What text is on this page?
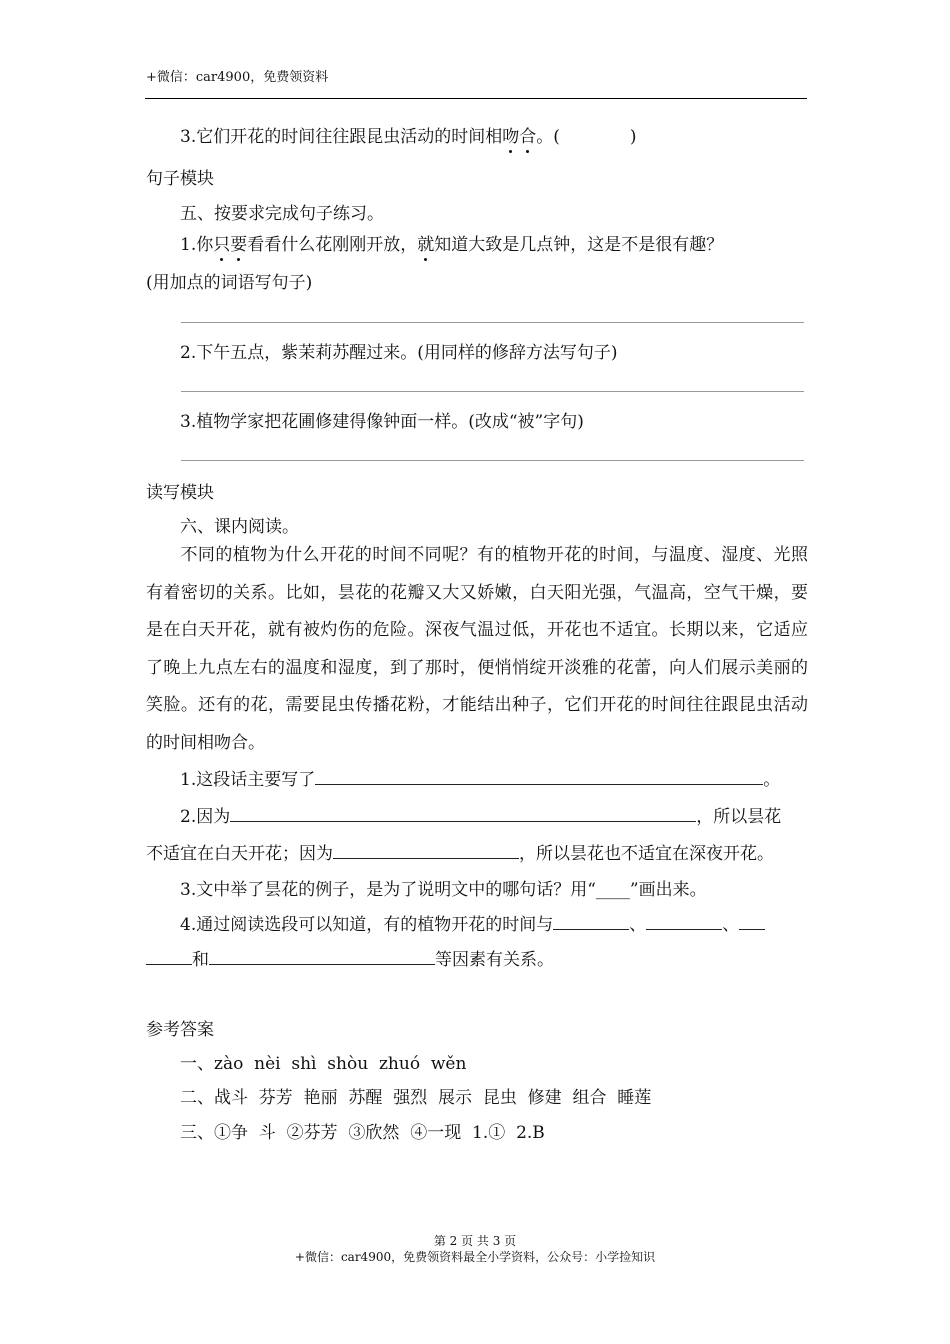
+微信：car4900，免费领资料
3.它们开花的时间往往跟昆虫活动的时间相吻合。(	)
句子模块
五、按要求完成句子练习。
1.你只要看看什么花刚刚开放，就知道大致是几点钟，这是不是很有趣？
(用加点的词语写句子)
2.下午五点，紫茉莉苏醒过来。(用同样的修辞方法写句子)
3.植物学家把花圃修建得像钟面一样。(改成“被”字句)
读写模块
六、课内阅读。
不同的植物为什么开花的时间不同呢？有的植物开花的时间，与温度、湿度、光照有着密切的关系。比如，昙花的花瓣又大又娇嫩，白天阳光强，气温高，空气干燥，要是在白天开花，就有被灼伤的危险。深夜气温过低，开花也不适宜。长期以来，它适应了晚上九点左右的温度和湿度，到了那时，便悄悄绽开淡雅的花蕾，向人们展示美丽的笑脸。还有的花，需要昆虫传播花粉，才能结出种子，它们开花的时间往往跟昆虫活动的时间相吻合。
1.这段话主要写了	。
2.因为	，所以昙花
不适宜在白天开花；因为	，所以昙花也不适宜在深夜开花。
3.文中举了昙花的例子，是为了说明文中的哪句话？用“____”画出来。
4.通过阅读选段可以知道，有的植物开花的时间与	、	、
和	等因素有关系。
参考答案
一、zào  nèi  shì  shòu  zhuó  wěn
二、战斗  芬芳  艳丽  苏醒  强烈  展示  昆虫  修建  组合  睡莲
三、①争  斗  ②芬芳  ③欣然  ④一现  1.①  2.B
第 2 页 共 3 页
+微信：car4900，免费领资料最全小学资料，公众号：小学捡知识
